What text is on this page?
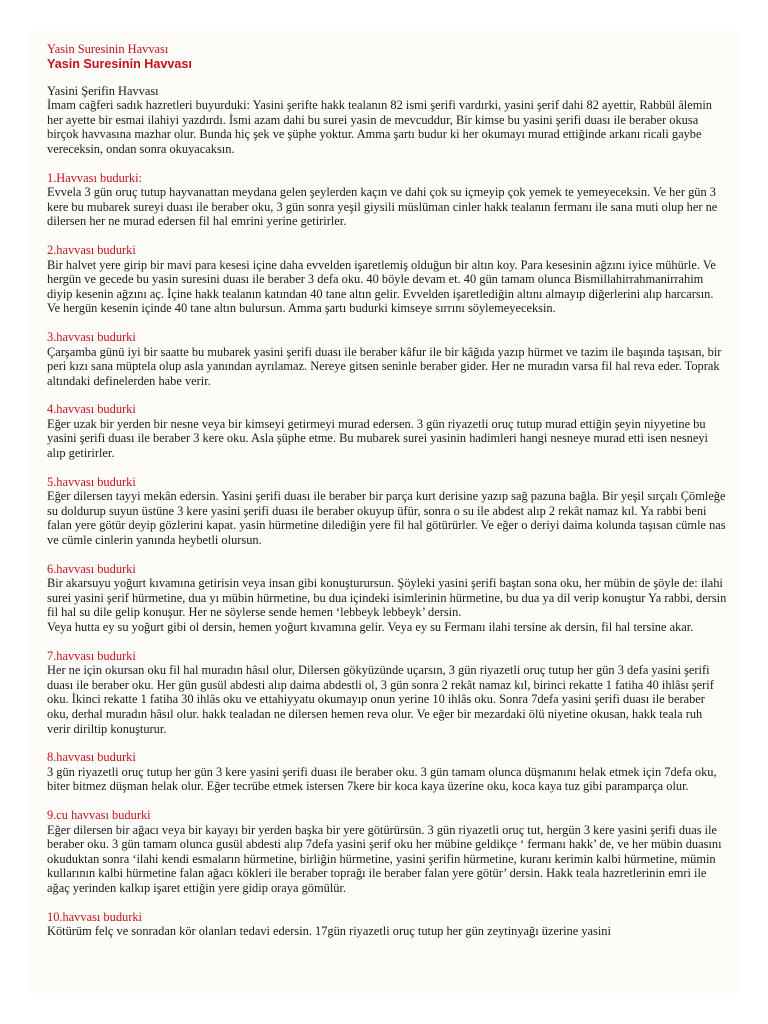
Yasin Suresinin Havvası
Yasin Suresinin Havvası

Yasini Şerifin Havvası

İmam cağferi sadık hazretleri buyurduki: Yasini şerifte hakk tealanın 82 ismi şerifi vardırki, yasini şerif dahi 82 ayettir, Rabbül âlemin her ayette bir esmai ilahiyi yazdırdı. İsmi azam dahi bu surei yasin de mevcuddur, Bir kimse bu yasini şerifi duası ile beraber okusa birçok havvasına mazhar olur. Bunda hiç şek ve şüphe yoktur. Amma şartı budur ki her okumayı murad ettiğinde arkanı ricali gaybe vereceksin, ondan sonra okuyacaksın.

1.Havvası budurki:

Evvela 3 gün oruç tutup hayvanattan meydana gelen şeylerden kaçın ve dahi çok su içmeyip çok yemek te yemeyeceksin. Ve her gün 3 kere bu mubarek sureyi duası ile beraber oku, 3 gün sonra yeşil giysili müslüman cinler hakk tealanın fermanı ile sana muti olup her ne dilersen her ne murad edersen fil hal emrini yerine getirirler.

2.havvası budurki

Bir halvet yere girip bir mavi para kesesi içine daha evvelden işaretlemiş olduğun bir altın koy. Para kesesinin ağzını iyice mühürle. Ve hergün ve gecede bu yasin suresini duası ile beraber 3 defa oku. 40 böyle devam et. 40 gün tamam olunca Bismillahirrahmanirrahim diyip kesenin ağzını aç. İçine hakk tealanın katından 40 tane altın gelir. Evvelden işaretlediğin altını almayıp diğerlerini alıp harcarsın. Ve hergün kesenin içinde 40 tane altın bulursun. Amma şartı budurki kimseye sırrını söylemeyeceksin.

3.havvası budurki

Çarşamba günü iyi bir saatte bu mubarek yasini şerifi duası ile beraber kâfur ile bir kâğıda yazıp hürmet ve tazim ile başında taşısan, bir peri kızı sana müptela olup asla yanından ayrılamaz. Nereye gitsen seninle beraber gider. Her ne muradın varsa fil hal reva eder. Toprak altındaki definelerden habe verir.

4.havvası budurki

Eğer uzak bir yerden bir nesne veya bir kimseyi getirmeyi murad edersen. 3 gün riyazetli oruç tutup murad ettiğin şeyin niyyetine bu yasini şerifi duası ile beraber 3 kere oku. Asla şüphe etme. Bu mubarek surei yasinin hadimleri hangi nesneye murad etti isen nesneyi alıp getirirler.

5.havvası budurki

Eğer dilersen tayyi mekân edersin. Yasini şerifi duası ile beraber bir parça kurt derisine yazıp sağ pazuna bağla. Bir yeşil sırçalı Çömleğe su doldurup suyun üstüne 3 kere yasini şerifi duası ile beraber okuyup üfür, sonra o su ile abdest alıp 2 rekât namaz kıl. Ya rabbi beni falan yere götür deyip gözlerini kapat. yasin hürmetine dilediğin yere fil hal götürürler. Ve eğer o deriyi daima kolunda taşısan cümle nas ve cümle cinlerin yanında heybetli olursun.

6.havvası budurki

Bir akarsuyu yoğurt kıvamına getirisin veya insan gibi konuşturursun. Şöyleki yasini şerifi baştan sona oku, her mübin de şöyle de: ilahi surei yasini şerif hürmetine, dua yı mübin hürmetine, bu dua içindeki isimlerinin hürmetine, bu dua ya dil verip konuştur Ya rabbi, dersin fil hal su dile gelip konuşur. Her ne söylerse sende hemen ‘lebbeyk lebbeyk’ dersin.

Veya hutta ey su yoğurt gibi ol dersin, hemen yoğurt kıvamına gelir. Veya ey su Fermanı ilahi tersine ak dersin, fil hal tersine akar.

7.havvası budurki

Her ne için okursan oku fil hal muradın hâsıl olur, Dilersen gökyüzünde uçarsın, 3 gün riyazetli oruç tutup her gün 3 defa yasini şerifi duası ile beraber oku. Her gün gusül abdesti alıp daima abdestli ol, 3 gün sonra 2 rekât namaz kıl, birinci rekatte 1 fatiha 40 ihlâsı şerif oku. İkinci rekatte 1 fatiha 30 ihlâs oku ve ettahiyyatu okumayıp onun yerine 10 ihlâs oku. Sonra 7defa yasini şerifi duası ile beraber oku, derhal muradın hâsıl olur. hakk tealadan ne dilersen hemen reva olur. Ve eğer bir mezardaki ölü niyetine okusan, hakk teala ruh verir diriltip konuşturur.

8.havvası budurki

3 gün riyazetli oruç tutup her gün 3 kere yasini şerifi duası ile beraber oku. 3 gün tamam olunca düşmanını helak etmek için 7defa oku, biter bitmez düşman helak olur. Eğer tecrübe etmek istersen 7kere bir koca kaya üzerine oku, koca kaya tuz gibi paramparça olur.

9.cu havvası budurki

Eğer dilersen bir ağacı veya bir kayayı bir yerden başka bir yere götürürsün. 3 gün riyazetli oruç tut, hergün 3 kere yasini şerifi duas ile beraber oku. 3 gün tamam olunca gusül abdesti alıp 7defa yasini şerif oku her mübine geldikçe ‘ fermanı hakk’ de, ve her mübin duasını okuduktan sonra ‘ilahi kendi esmaların hürmetine, birliğin hürmetine, yasini şerifin hürmetine, kuranı kerimin kalbi hürmetine, mümin kullarının kalbi hürmetine falan ağacı kökleri ile beraber toprağı ile beraber falan yere götür’ dersin. Hakk teala hazretlerinin emri ile ağaç yerinden kalkıp işaret ettiğin yere gidip oraya gömülür.

10.havvası budurki

Kötürüm felç ve sonradan kör olanları tedavi edersin. 17gün riyazetli oruç tutup her gün zeytinyağı üzerine yasini
